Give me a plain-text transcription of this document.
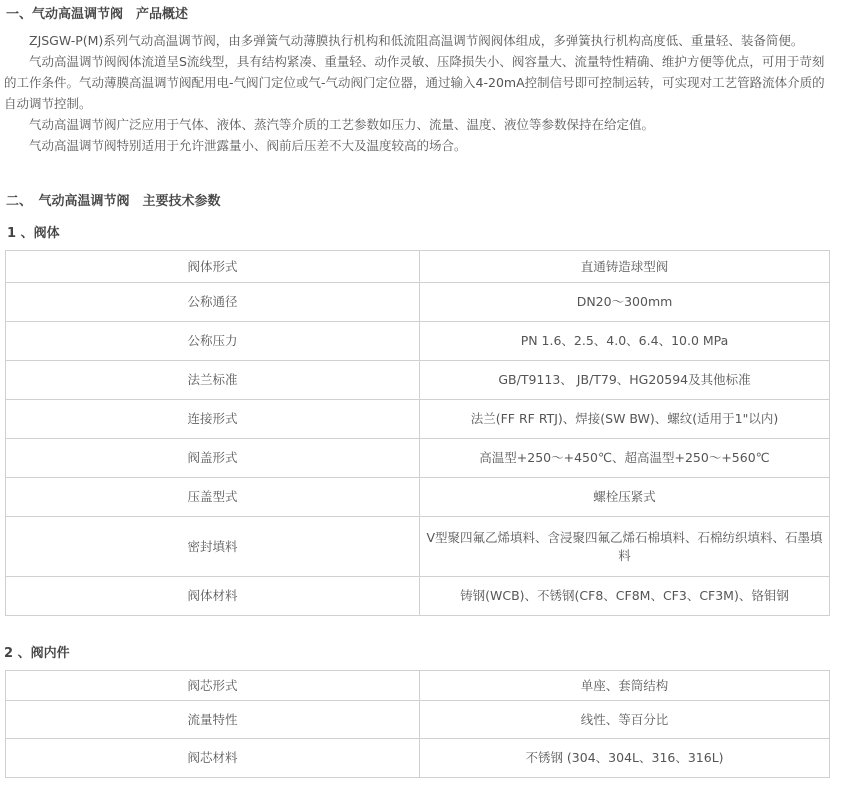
一、气动高温调节阀　产品概述

ZJSGW-P(M)系列气动高温调节阀，由多弹簧气动薄膜执行机构和低流阻高温调节阀阀体组成，多弹簧执行机构高度低、重量轻、装备简便。

气动高温调节阀阀体流道呈S流线型，具有结构紧凑、重量轻、动作灵敏、压降损失小、阀容量大、流量特性精确、维护方便等优点，可用于苛刻的工作条件。气动薄膜高温调节阀配用电-气阀门定位或气-气动阀门定位器，通过输入4-20mA控制信号即可控制运转，可实现对工艺管路流体介质的自动调节控制。

气动高温调节阀广泛应用于气体、液体、蒸汽等介质的工艺参数如压力、流量、温度、液位等参数保持在给定值。

气动高温调节阀特别适用于允许泄露量小、阀前后压差不大及温度较高的场合。

二、　气动高温调节阀　主要技术参数
1 、阀体
阀体形式	直通铸造球型阀
公称通径	DN20～300mm
公称压力	PN 1.6、2.5、4.0、6.4、10.0 MPa
法兰标准	GB/T9113、 JB/T79、HG20594及其他标准
连接形式	法兰(FF RF RTJ)、焊接(SW BW)、螺纹(适用于1"以内)
阀盖形式	高温型+250～+450℃、超高温型+250～+560℃
压盖型式	螺栓压紧式
密封填料	V型聚四氟乙烯填料、含浸聚四氟乙烯石棉填料、石棉纺织填料、石墨填料
阀体材料	铸钢(WCB)、不锈钢(CF8、CF8M、CF3、CF3M)、铬钼钢
2 、阀内件
阀芯形式	单座、套筒结构
流量特性	线性、等百分比
阀芯材料	不锈钢 (304、304L、316、316L)
